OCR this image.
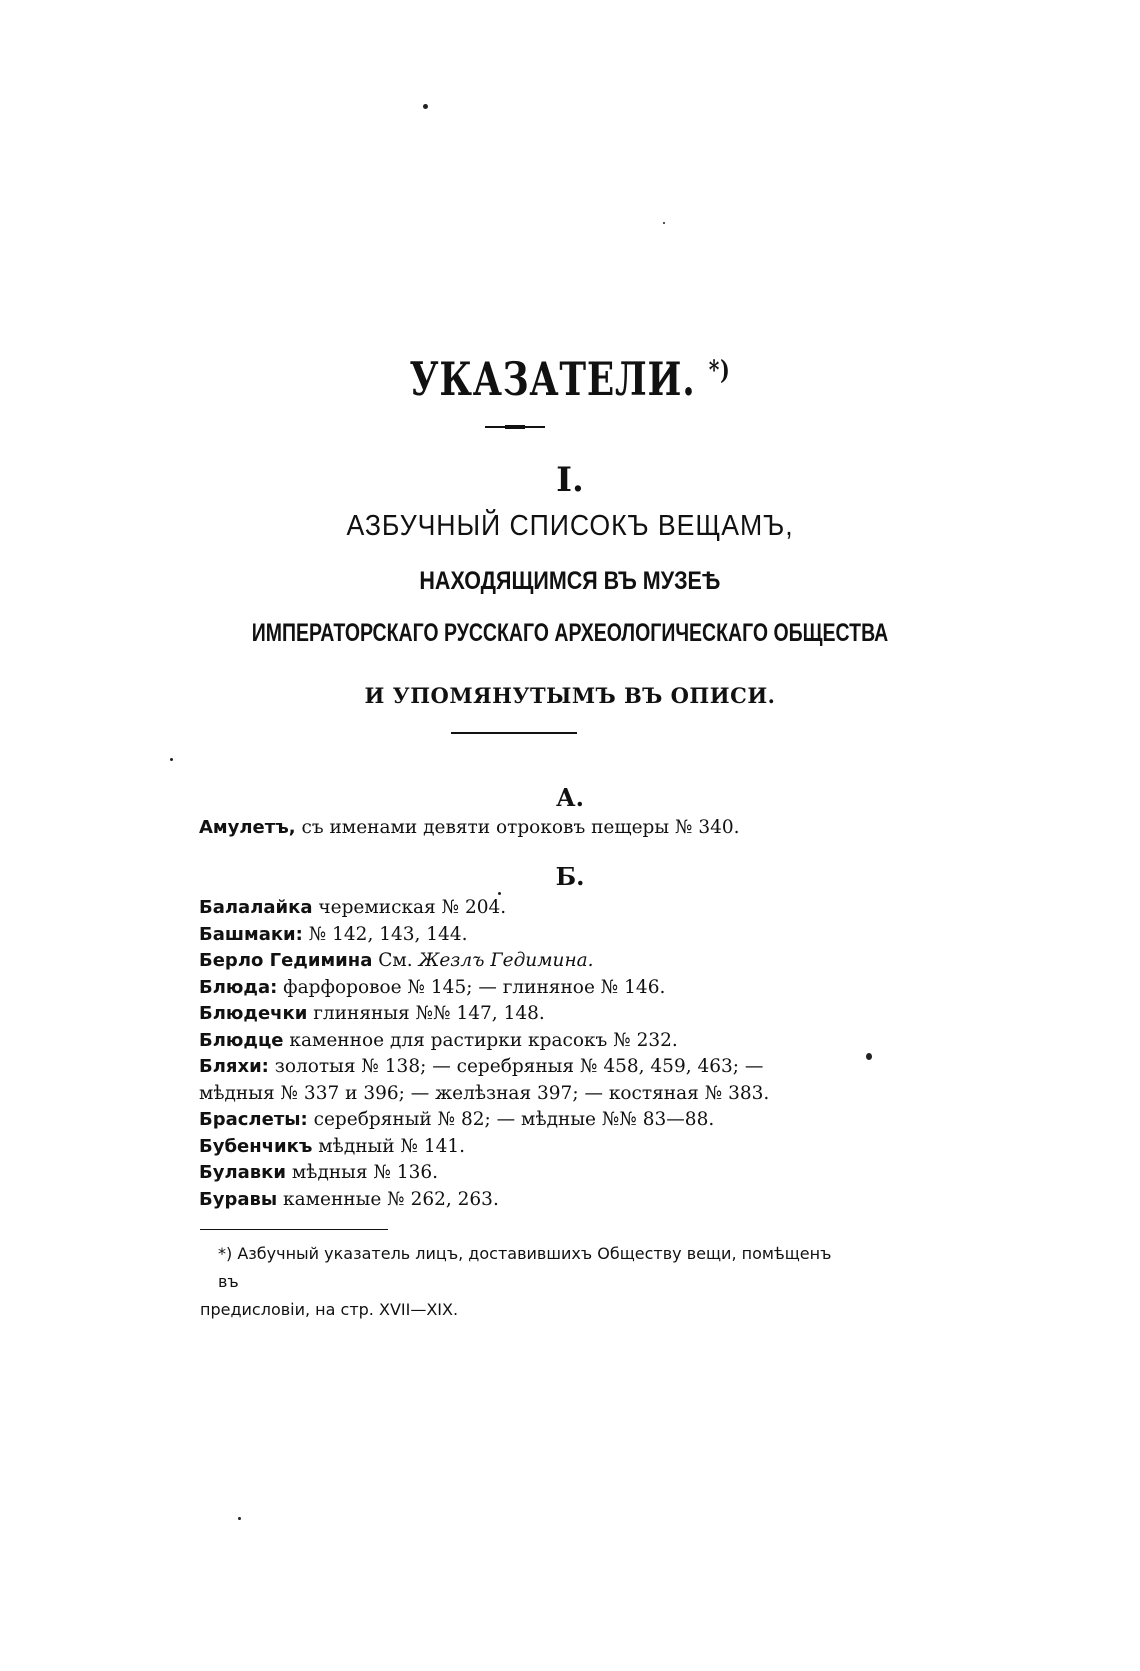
УКАЗАТЕЛИ. *)
I.
АЗБУЧНЫЙ СПИСОКЪ ВЕЩАМЪ,
НАХОДЯЩИМСЯ ВЪ МУЗЕѢ
ИМПЕРАТОРСКАГО РУССКАГО АРХЕОЛОГИЧЕСКАГО ОБЩЕСТВА
И УПОМЯНУТЫМЪ ВЪ ОПИСИ.
А.
Амулетъ, съ именами девяти отроковъ пещеры № 340.
Б.
Балалайка черемиская № 204.
Башмаки: № 142, 143, 144.
Берло Гедимина См. Жезлъ Гедимина.
Блюда: фарфоровое № 145; — глиняное № 146.
Блюдечки глиняныя №№ 147, 148.
Блюдце каменное для растирки красокъ № 232.
Бляхи: золотыя № 138; — серебряныя № 458, 459, 463; — мѣдныя № 337 и 396; — желѣзная 397; — костяная № 383.
Браслеты: серебряный № 82; — мѣдные №№ 83—88.
Бубенчикъ мѣдный № 141.
Булавки мѣдныя № 136.
Буравы каменные № 262, 263.
*) Азбучный указатель лицъ, доставившихъ Обществу вещи, помѣщенъ въ
предисловіи, на стр. XVII—XIX.
